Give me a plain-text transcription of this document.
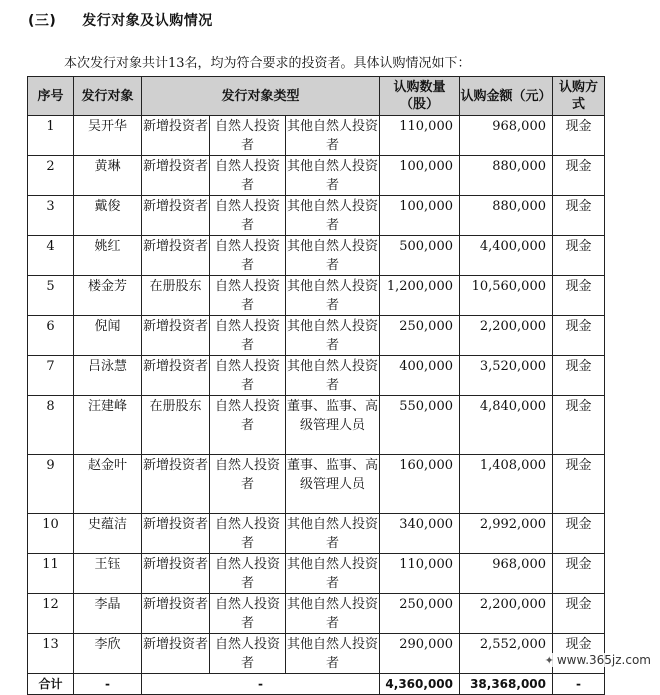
(三) 发行对象及认购情况
本次发行对象共计13名，均为符合要求的投资者。具体认购情况如下：
序号	发行对象	发行对象类型			认购数量（股）	认购金额（元）	认购方式
1	吴开华	新增投资者	自然人投资者	其他自然人投资者	110,000	968,000	现金
2	黄琳	新增投资者	自然人投资者	其他自然人投资者	100,000	880,000	现金
3	戴俊	新增投资者	自然人投资者	其他自然人投资者	100,000	880,000	现金
4	姚红	新增投资者	自然人投资者	其他自然人投资者	500,000	4,400,000	现金
5	楼金芳	在册股东	自然人投资者	其他自然人投资者	1,200,000	10,560,000	现金
6	倪闻	新增投资者	自然人投资者	其他自然人投资者	250,000	2,200,000	现金
7	吕泳慧	新增投资者	自然人投资者	其他自然人投资者	400,000	3,520,000	现金
8	汪建峰	在册股东	自然人投资者	董事、监事、高级管理人员	550,000	4,840,000	现金
9	赵金叶	新增投资者	自然人投资者	董事、监事、高级管理人员	160,000	1,408,000	现金
10	史蕴洁	新增投资者	自然人投资者	其他自然人投资者	340,000	2,992,000	现金
11	王钰	新增投资者	自然人投资者	其他自然人投资者	110,000	968,000	现金
12	李晶	新增投资者	自然人投资者	其他自然人投资者	250,000	2,200,000	现金
13	李欣	新增投资者	自然人投资者	其他自然人投资者	290,000	2,552,000	现金
合计	-	-			4,360,000	38,368,000	-
✦ www.365jz.com
